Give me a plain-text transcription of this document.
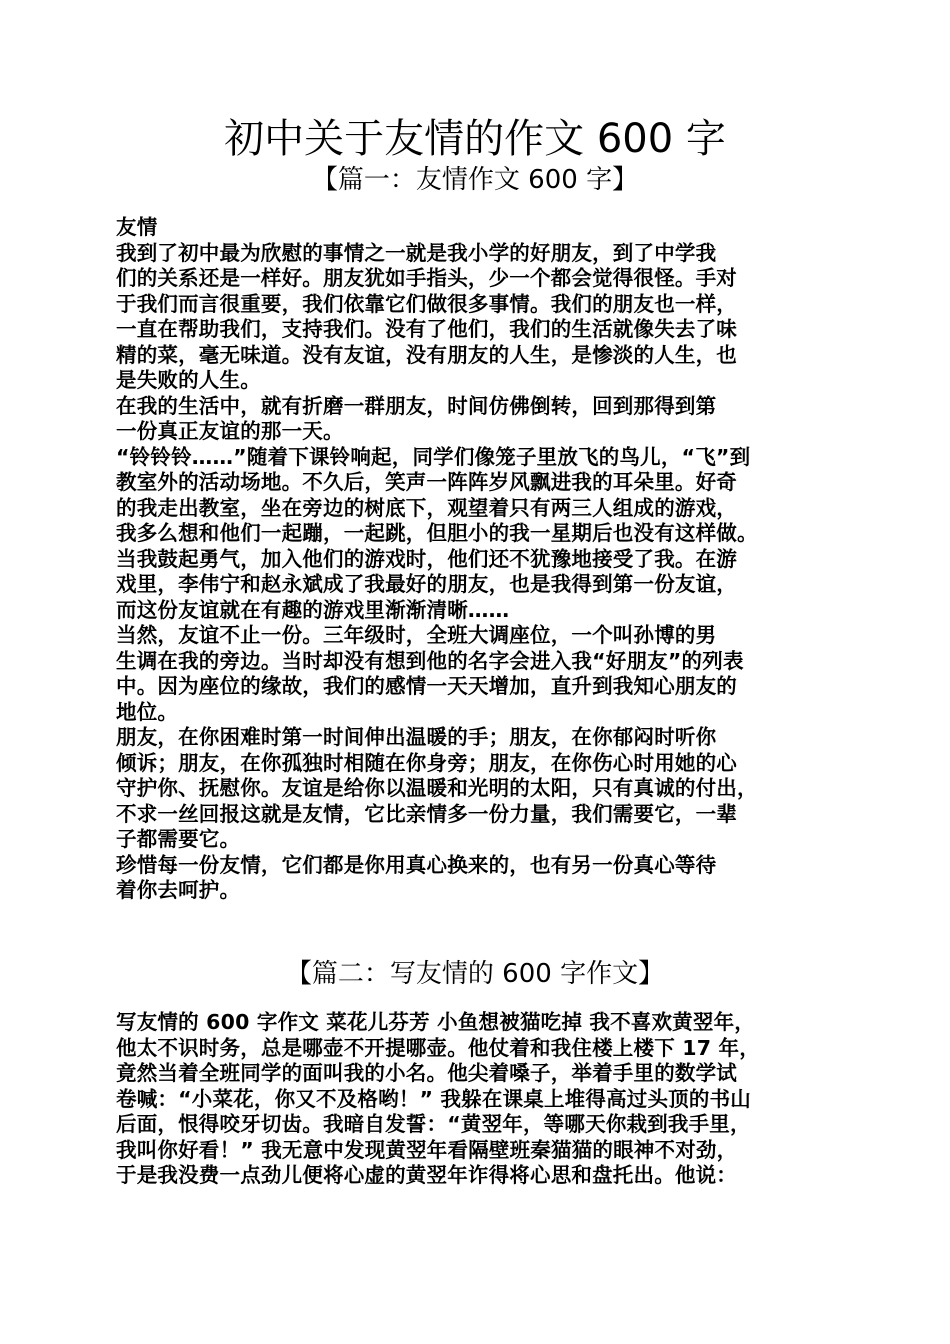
初中关于友情的作文 600 字
【篇一：友情作文 600 字】
友情
我到了初中最为欣慰的事情之一就是我小学的好朋友，到了中学我
们的关系还是一样好。朋友犹如手指头，少一个都会觉得很怪。手对
于我们而言很重要，我们依靠它们做很多事情。我们的朋友也一样，
一直在帮助我们，支持我们。没有了他们，我们的生活就像失去了味
精的菜，毫无味道。没有友谊，没有朋友的人生，是惨淡的人生，也
是失败的人生。
在我的生活中，就有折磨一群朋友，时间仿佛倒转，回到那得到第
一份真正友谊的那一天。
“铃铃铃……”随着下课铃响起，同学们像笼子里放飞的鸟儿，“飞”到
教室外的活动场地。不久后，笑声一阵阵岁风飘进我的耳朵里。好奇
的我走出教室，坐在旁边的树底下，观望着只有两三人组成的游戏，
我多么想和他们一起蹦，一起跳，但胆小的我一星期后也没有这样做。
当我鼓起勇气，加入他们的游戏时，他们还不犹豫地接受了我。在游
戏里，李伟宁和赵永斌成了我最好的朋友，也是我得到第一份友谊，
而这份友谊就在有趣的游戏里渐渐清晰……
当然，友谊不止一份。三年级时，全班大调座位，一个叫孙博的男
生调在我的旁边。当时却没有想到他的名字会进入我“好朋友”的列表
中。因为座位的缘故，我们的感情一天天增加，直升到我知心朋友的
地位。
朋友，在你困难时第一时间伸出温暖的手；朋友，在你郁闷时听你
倾诉；朋友，在你孤独时相随在你身旁；朋友，在你伤心时用她的心
守护你、抚慰你。友谊是给你以温暖和光明的太阳，只有真诚的付出，
不求一丝回报这就是友情，它比亲情多一份力量，我们需要它，一辈
子都需要它。
珍惜每一份友情，它们都是你用真心换来的，也有另一份真心等待
着你去呵护。
【篇二：写友情的 600 字作文】
写友情的 600 字作文 菜花儿芬芳 小鱼想被猫吃掉 我不喜欢黄翌年，
他太不识时务，总是哪壶不开提哪壶。他仗着和我住楼上楼下 17 年，
竟然当着全班同学的面叫我的小名。他尖着嗓子，举着手里的数学试
卷喊：“小菜花，你又不及格哟！” 我躲在课桌上堆得高过头顶的书山
后面，恨得咬牙切齿。我暗自发誓：“黄翌年，等哪天你栽到我手里，
我叫你好看！” 我无意中发现黄翌年看隔壁班秦猫猫的眼神不对劲，
于是我没费一点劲儿便将心虚的黄翌年诈得将心思和盘托出。他说：
